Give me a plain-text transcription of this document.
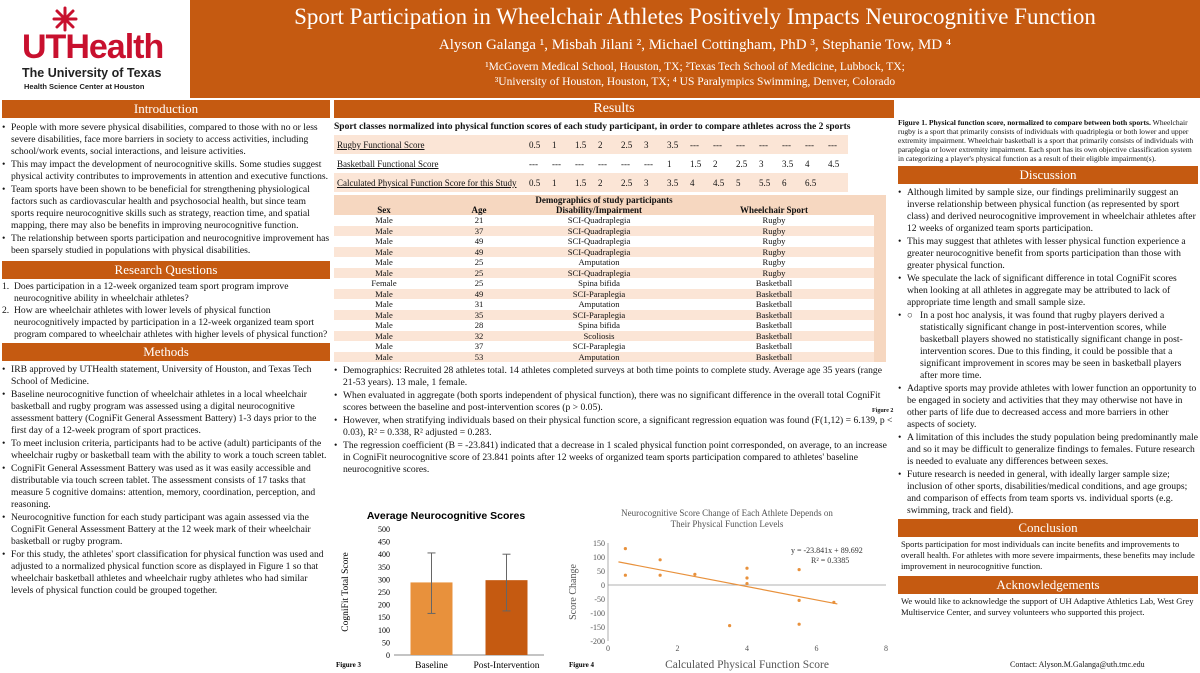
UTHealth
The University of Texas
Health Science Center at Houston
Sport Participation in Wheelchair Athletes Positively Impacts Neurocognitive Function
Alyson Galanga ¹, Misbah Jilani ², Michael Cottingham, PhD ³, Stephanie Tow, MD ⁴
¹McGovern Medical School, Houston, TX; ²Texas Tech School of Medicine, Lubbock, TX;
³University of Houston, Houston, TX; ⁴ US Paralympics Swimming, Denver, Colorado
Introduction
• People with more severe physical disabilities, compared to those with no or less severe disabilities, face more barriers in society to access activities, including school/work events, social interactions, and leisure activities.
• This may impact the development of neurocognitive skills. Some studies suggest physical activity contributes to improvements in attention and executive functions.
• Team sports have been shown to be beneficial for strengthening physiological factors such as cardiovascular health and psychosocial health, but since team sports require neurocognitive skills such as strategy, reaction time, and spatial mapping, there may also be benefits in improving neurocognitive function.
• The relationship between sports participation and neurocognitive improvement has been sparsely studied in populations with physical disabilities.
Research Questions
1. Does participation in a 12-week organized team sport program improve neurocognitive ability in wheelchair athletes?
2. How are wheelchair athletes with lower levels of physical function neurocognitively impacted by participation in a 12-week organized team sport program compared to wheelchair athletes with higher levels of physical function?
Methods
• IRB approved by UTHealth statement, University of Houston, and Texas Tech School of Medicine.
• Baseline neurocognitive function of wheelchair athletes in a local wheelchair basketball and rugby program was assessed using a digital neurocognitive assessment battery (CogniFit General Assessment Battery) 1-3 days prior to the first day of a 12-week program of sport practices.
• To meet inclusion criteria, participants had to be active (adult) participants of the wheelchair rugby or basketball team with the ability to work a touch screen tablet.
• CogniFit General Assessment Battery was used as it was easily accessible and distributable via touch screen tablet. The assessment consists of 17 tasks that measure 5 cognitive domains: attention, memory, coordination, perception, and reasoning.
• Neurocognitive function for each study participant was again assessed via the CogniFit General Assessment Battery at the 12 week mark of their wheelchair basketball or rugby program.
• For this study, the athletes' sport classification for physical function was used and adjusted to a normalized physical function score as displayed in Figure 1 so that wheelchair basketball athletes and wheelchair rugby athletes who had similar levels of physical function could be grouped together.
Results
Sport classes normalized into physical function scores of each study participant, in order to compare athletes across the 2 sports
Rugby Functional Score	0.5	1	1.5	2	2.5	3	3.5	---	---	---	---	---	---	---
Basketball Functional Score	---	---	---	---	---	---	1	1.5	2	2.5	3	3.5	4	4.5
Calculated Physical Function Score for this Study	0.5	1	1.5	2	2.5	3	3.5	4	4.5	5	5.5	6	6.5	
Demographics of study participants			
Sex	Age	Disability/Impairment	Wheelchair Sport
Male	21	SCI-Quadraplegia	Rugby
Male	37	SCI-Quadraplegia	Rugby
Male	49	SCI-Quadraplegia	Rugby
Male	49	SCI-Quadraplegia	Rugby
Male	25	Amputation	Rugby
Male	25	SCI-Quadraplegia	Rugby
Female	25	Spina bifida	Basketball
Male	49	SCI-Paraplegia	Basketball
Male	31	Amputation	Basketball
Male	35	SCI-Paraplegia	Basketball
Male	28	Spina bifida	Basketball
Male	32	Scoliosis	Basketball
Male	37	SCI-Paraplegia	Basketball
Male	53	Amputation	Basketball
Figure 2
• Demographics: Recruited 28 athletes total. 14 athletes completed surveys at both time points to complete study. Average age 35 years (range 21-53 years). 13 male, 1 female.
• When evaluated in aggregate (both sports independent of physical function), there was no significant difference in the overall total CogniFit scores between the baseline and post-intervention scores (p > 0.05).
• However, when stratifying individuals based on their physical function score, a significant regression equation was found (F(1,12) = 6.139, p < 0.03), R² = 0.338, R² adjusted = 0.283.
• The regression coefficient (B = -23.841) indicated that a decrease in 1 scaled physical function point corresponded, on average, to an increase in CogniFit neurocognitive score of 23.841 points after 12 weeks of organized team sports participation compared to athletes' baseline neurocognitive scores.
Average Neurocognitive Scores
CogniFit Total Score
0
50
100
150
200
250
300
350
400
450
500
Baseline	Post-Intervention
Figure 3
Neurocognitive Score Change of Each Athlete Depends on
Their Physical Function Levels
Score Change
-200
-150
-100
-50
0
50
100
150
0	2	4	6	8
y = -23.841x + 89.692
R² = 0.3385
Calculated Physical Function Score
Figure 4
Figure 1. Physical function score, normalized to compare between both sports. Wheelchair rugby is a sport that primarily consists of individuals with quadriplegia or both lower and upper extremity impairment. Wheelchair basketball is a sport that primarily consists of individuals with paraplegia or lower extremity impairment. Each sport has its own objective classification system in categorizing a player's physical function as a result of their eligible impairment(s).
Discussion
• Although limited by sample size, our findings preliminarily suggest an inverse relationship between physical function (as represented by sport class) and derived neurocognitive improvement in wheelchair athletes after 12 weeks of organized team sports participation.
• This may suggest that athletes with lesser physical function experience a greater neurocognitive benefit from sports participation than those with greater physical function.
• We speculate the lack of significant difference in total CogniFit scores when looking at all athletes in aggregate may be attributed to lack of appropriate time length and small sample size.
• ○ In a post hoc analysis, it was found that rugby players derived a statistically significant change in post-intervention scores, while basketball players showed no statistically significant change in post-intervention scores. Due to this finding, it could be possible that a significant improvement in scores may be seen in basketball players after more time.
• Adaptive sports may provide athletes with lower function an opportunity to be engaged in society and activities that they may otherwise not have in other parts of life due to decreased access and more barriers in other aspects of society.
• A limitation of this includes the study population being predominantly male and so it may be difficult to generalize findings to females. Future research is needed to evaluate any differences between sexes.
• Future research is needed in general, with ideally larger sample size; inclusion of other sports, disabilities/medical conditions, and age groups; and comparison of effects from team sports vs. individual sports (e.g. swimming, track and field).
Conclusion
Sports participation for most individuals can incite benefits and improvements to overall health. For athletes with more severe impairments, these benefits may include improvement in neurocognitive function.
Acknowledgements
We would like to acknowledge the support of UH Adaptive Athletics Lab, West Grey Multiservice Center, and survey volunteers who supported this project.
Contact: Alyson.M.Galanga@uth.tmc.edu
